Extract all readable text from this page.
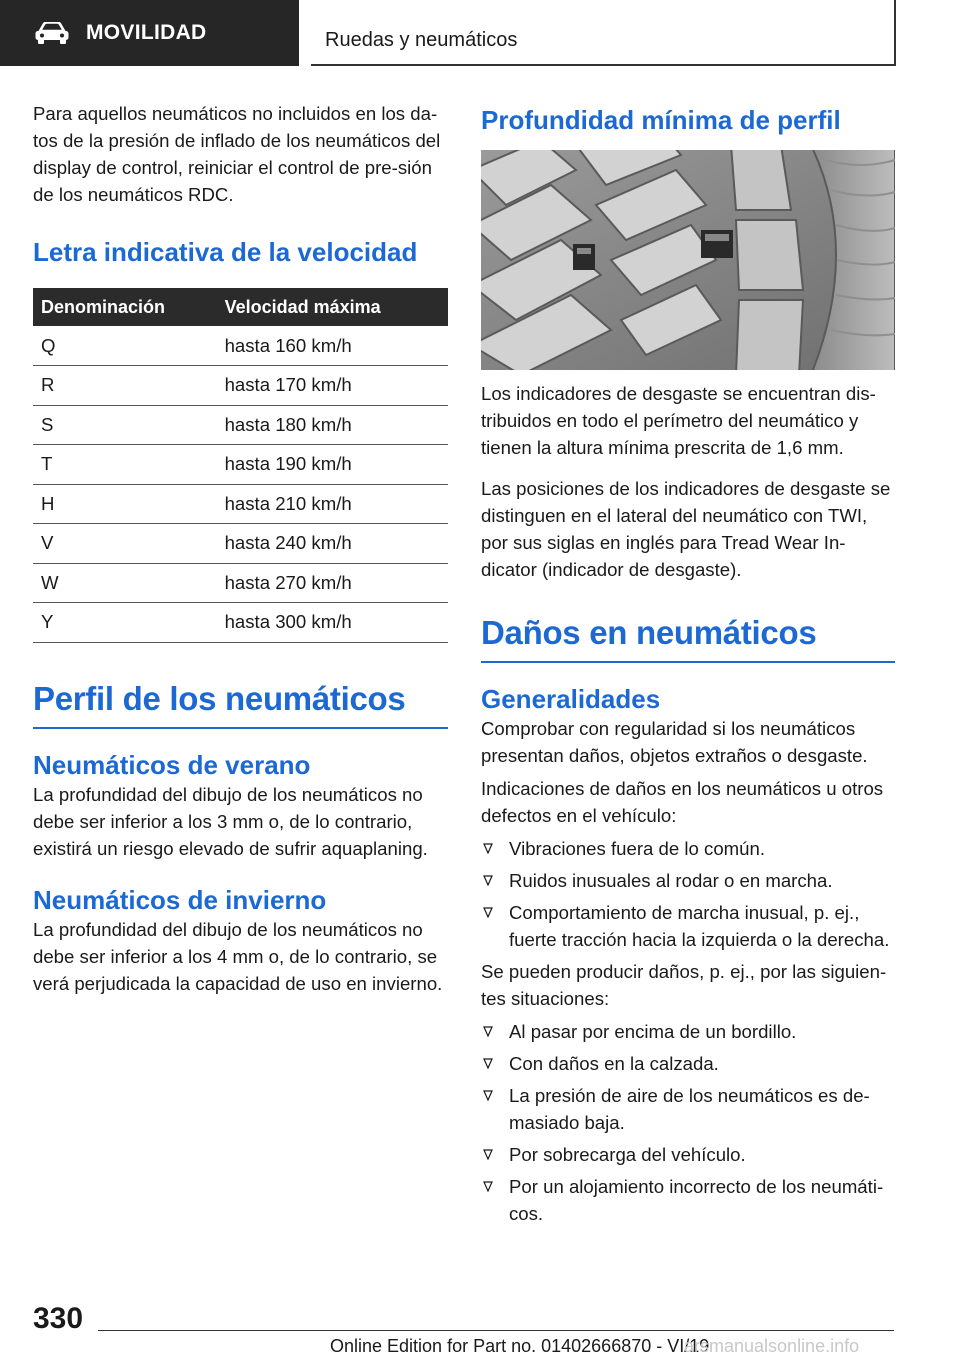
MOVILIDAD	Ruedas y neumáticos

Para aquellos neumáticos no incluidos en los da-tos de la presión de inflado de los neumáticos del display de control, reiniciar el control de pre-sión de los neumáticos RDC.

Letra indicativa de la velocidad
Denominación	Velocidad máxima
Q	hasta 160 km/h
R	hasta 170 km/h
S	hasta 180 km/h
T	hasta 190 km/h
H	hasta 210 km/h
V	hasta 240 km/h
W	hasta 270 km/h
Y	hasta 300 km/h
Perfil de los neumáticos
Neumáticos de verano

La profundidad del dibujo de los neumáticos no debe ser inferior a los 3 mm o, de lo contrario, existirá un riesgo elevado de sufrir aquaplaning.

Neumáticos de invierno

La profundidad del dibujo de los neumáticos no debe ser inferior a los 4 mm o, de lo contrario, se verá perjudicada la capacidad de uso en invierno.

Profundidad mínima de perfil

Los indicadores de desgaste se encuentran dis-tribuidos en todo el perímetro del neumático y tienen la altura mínima prescrita de 1,6 mm.

Las posiciones de los indicadores de desgaste se distinguen en el lateral del neumático con TWI, por sus siglas en inglés para Tread Wear In-dicator (indicador de desgaste).

Daños en neumáticos
Generalidades

Comprobar con regularidad si los neumáticos presentan daños, objetos extraños o desgaste.

Indicaciones de daños en los neumáticos u otros defectos en el vehículo:

Vibraciones fuera de lo común.
Ruidos inusuales al rodar o en marcha.
Comportamiento de marcha inusual, p. ej., fuerte tracción hacia la izquierda o la derecha.

Se pueden producir daños, p. ej., por las siguien-tes situaciones:

Al pasar por encima de un bordillo.
Con daños en la calzada.
La presión de aire de los neumáticos es de-masiado baja.
Por sobrecarga del vehículo.
Por un alojamiento incorrecto de los neumáti-cos.
330
Online Edition for Part no. 01402666870 - VI/19
arsmanualsonline.info
